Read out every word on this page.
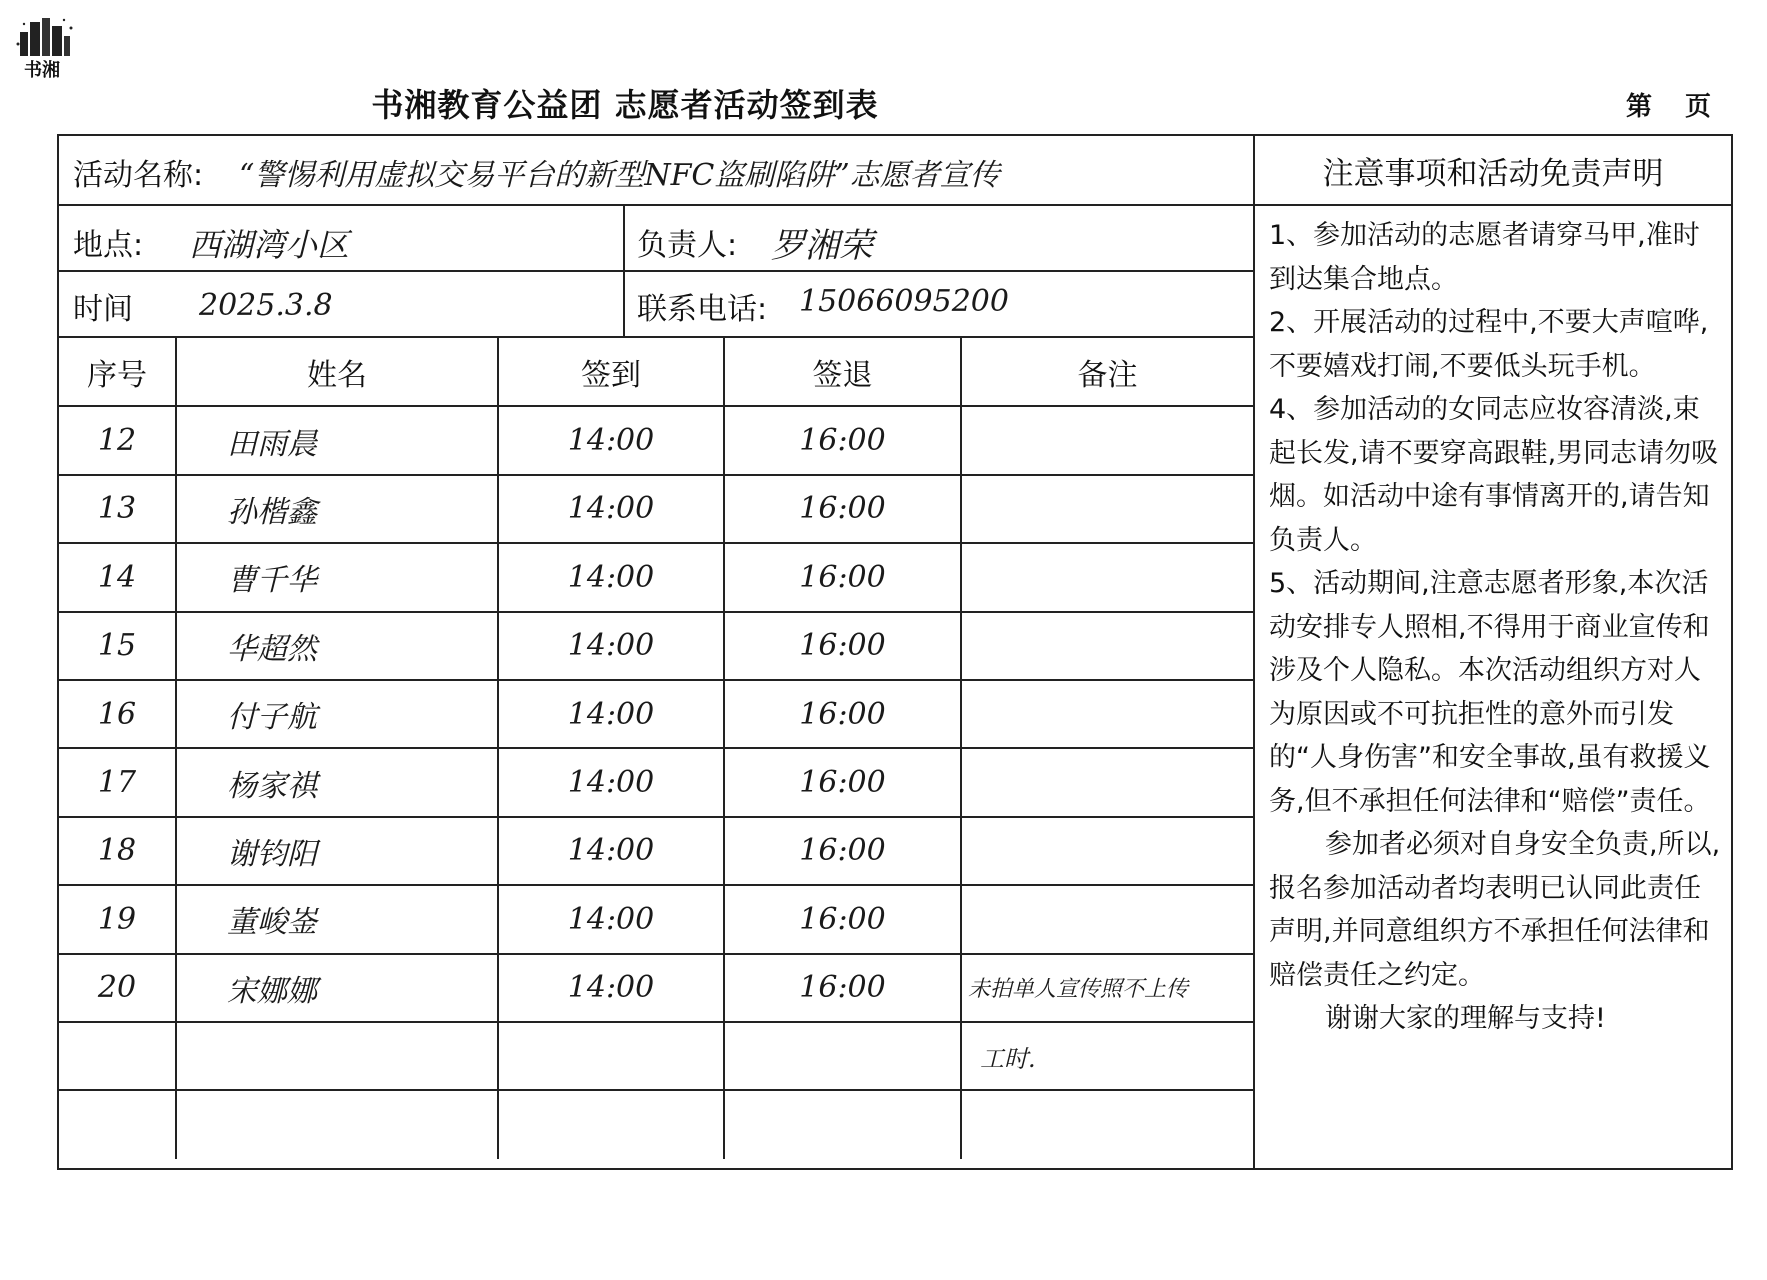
书湘
书湘教育公益团 志愿者活动签到表	第 页
活动名称: “警惕利用虚拟交易平台的新型NFC盗刷陷阱”志愿者宣传
地点: 西湖湾小区	负责人: 罗湘荣
时间 2025.3.8	联系电话: 15066095200
序号	姓名	签到	签退	备注
12	田雨晨	14:00	16:00	
13	孙楷鑫	14:00	16:00	
14	曹千华	14:00	16:00	
15	华超然	14:00	16:00	
16	付子航	14:00	16:00	
17	杨家祺	14:00	16:00	
18	谢钧阳	14:00	16:00	
19	董峻崟	14:00	16:00	
20	宋娜娜	14:00	16:00	未拍单人宣传照不上传
				工时.

注意事项和活动免责声明

1、参加活动的志愿者请穿马甲,准时到达集合地点。

2、开展活动的过程中,不要大声喧哗,不要嬉戏打闹,不要低头玩手机。

4、参加活动的女同志应妆容清淡,束起长发,请不要穿高跟鞋,男同志请勿吸烟。如活动中途有事情离开的,请告知负责人。

5、活动期间,注意志愿者形象,本次活动安排专人照相,不得用于商业宣传和涉及个人隐私。本次活动组织方对人为原因或不可抗拒性的意外而引发的“人身伤害”和安全事故,虽有救援义务,但不承担任何法律和“赔偿”责任。

参加者必须对自身安全负责,所以,报名参加活动者均表明已认同此责任声明,并同意组织方不承担任何法律和赔偿责任之约定。

谢谢大家的理解与支持!
